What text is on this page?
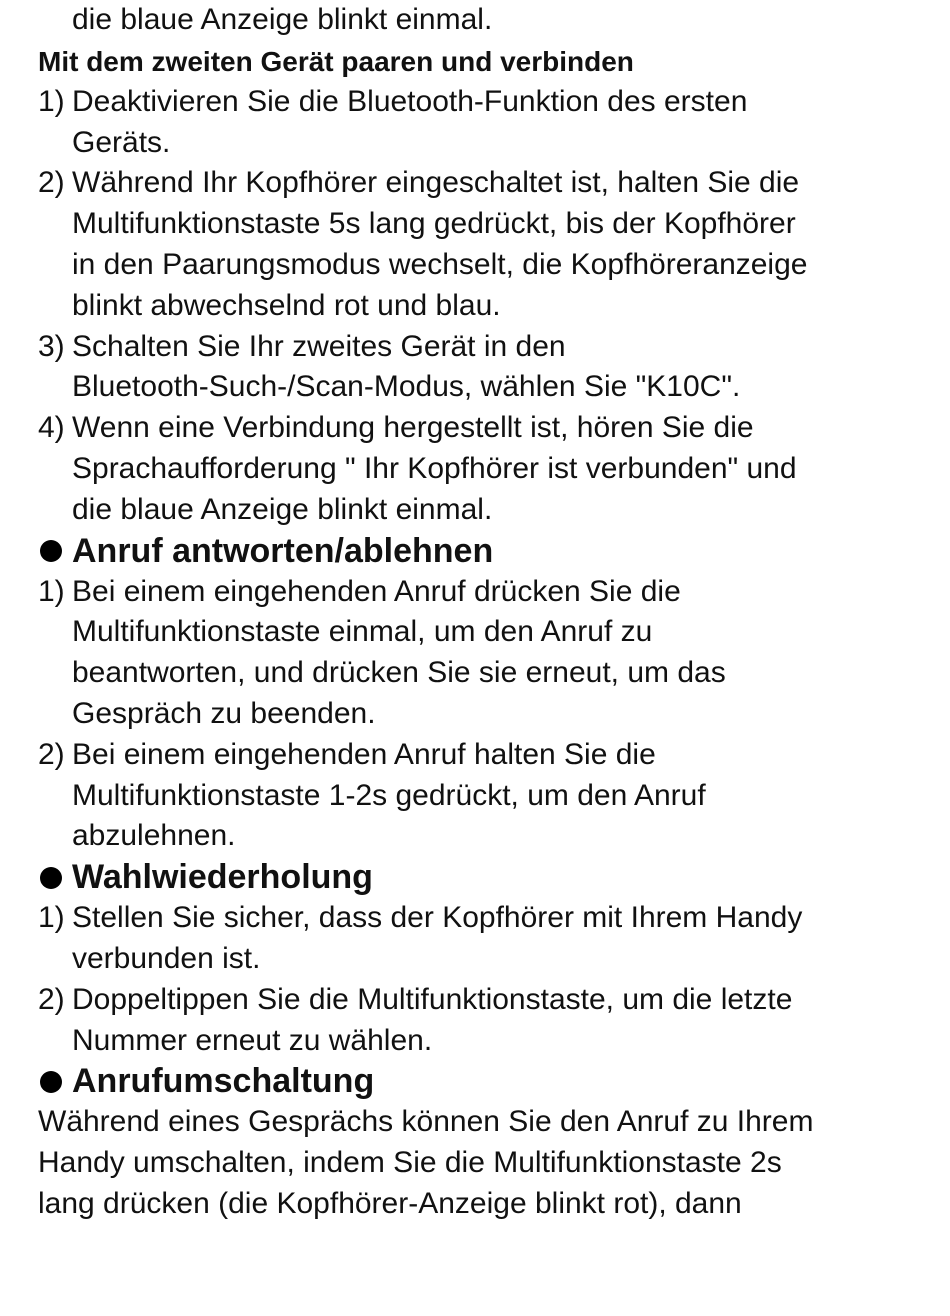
die blaue Anzeige blinkt einmal.
Mit dem zweiten Gerät paaren und verbinden
1) Deaktivieren Sie die Bluetooth-Funktion des ersten
Geräts.
2) Während Ihr Kopfhörer eingeschaltet ist, halten Sie die
Multifunktionstaste 5s lang gedrückt, bis der Kopfhörer
in den Paarungsmodus wechselt, die Kopfhöreranzeige
blinkt abwechselnd rot und blau.
3) Schalten Sie Ihr zweites Gerät in den
Bluetooth-Such-/Scan-Modus, wählen Sie "K10C".
4) Wenn eine Verbindung hergestellt ist, hören Sie die
Sprachaufforderung " Ihr Kopfhörer ist verbunden" und
die blaue Anzeige blinkt einmal.
Anruf antworten/ablehnen
1) Bei einem eingehenden Anruf drücken Sie die
Multifunktionstaste einmal, um den Anruf zu
beantworten, und drücken Sie sie erneut, um das
Gespräch zu beenden.
2) Bei einem eingehenden Anruf halten Sie die
Multifunktionstaste 1-2s gedrückt, um den Anruf
abzulehnen.
Wahlwiederholung
1) Stellen Sie sicher, dass der Kopfhörer mit Ihrem Handy
verbunden ist.
2) Doppeltippen Sie die Multifunktionstaste, um die letzte
Nummer erneut zu wählen.
Anrufumschaltung
Während eines Gesprächs können Sie den Anruf zu Ihrem
Handy umschalten, indem Sie die Multifunktionstaste 2s
lang drücken (die Kopfhörer-Anzeige blinkt rot), dann
